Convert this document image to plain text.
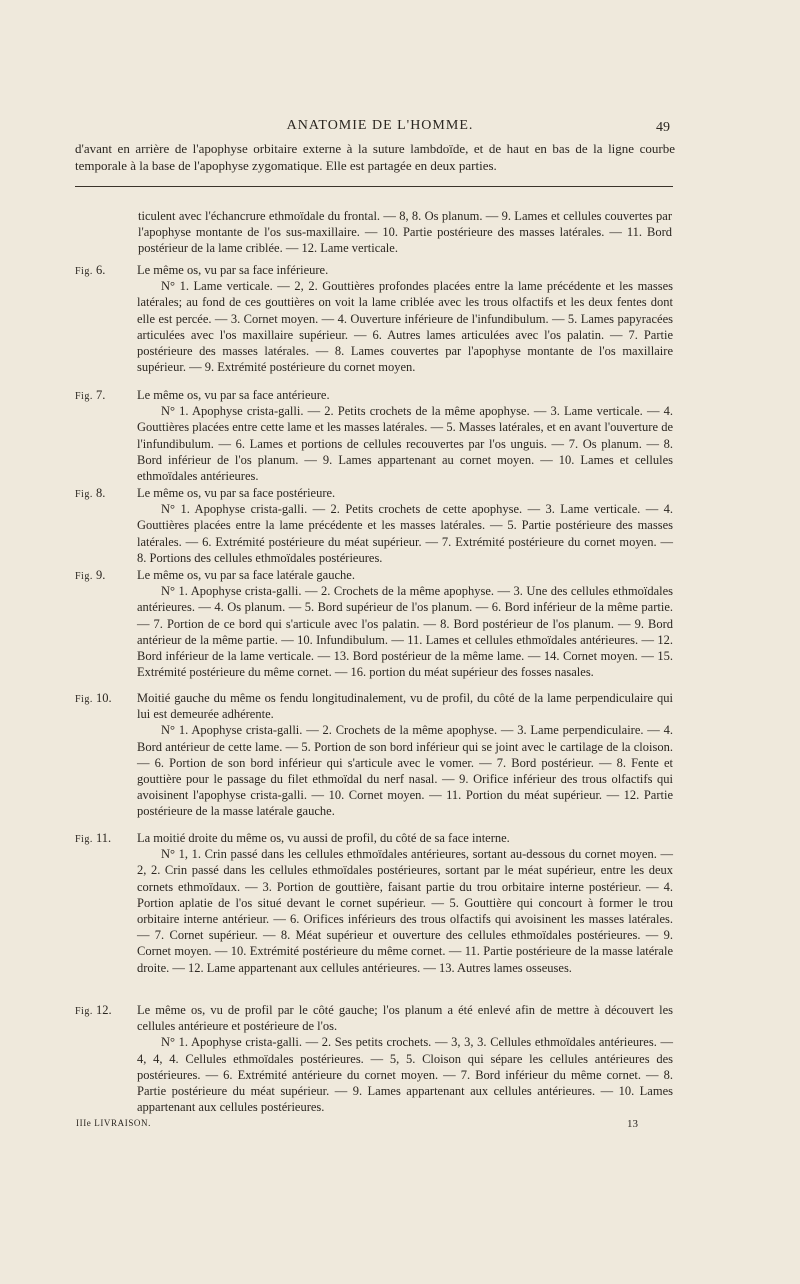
ANATOMIE DE L'HOMME.	49
d'avant en arrière de l'apophyse orbitaire externe à la suture lambdoïde, et de haut en bas de la ligne courbe temporale à la base de l'apophyse zygomatique. Elle est partagée en deux parties.
ticulent avec l'échancrure ethmoïdale du frontal. — 8, 8. Os planum. — 9. Lames et cellules couvertes par l'apophyse montante de l'os sus-maxillaire. — 10. Partie postérieure des masses latérales. — 11. Bord postérieur de la lame criblée. — 12. Lame verticale.
Fig. 6.	Le même os, vu par sa face inférieure.
N° 1. Lame verticale. — 2, 2. Gouttières profondes placées entre la lame précédente et les masses latérales; au fond de ces gouttières on voit la lame criblée avec les trous olfactifs et les deux fentes dont elle est percée. — 3. Cornet moyen. — 4. Ouverture inférieure de l'infundibulum. — 5. Lames papyracées articulées avec l'os maxillaire supérieur. — 6. Autres lames articulées avec l'os palatin. — 7. Partie postérieure des masses latérales. — 8. Lames couvertes par l'apophyse montante de l'os maxillaire supérieur. — 9. Extrémité postérieure du cornet moyen.
Fig. 7.	Le même os, vu par sa face antérieure.
N° 1. Apophyse crista-galli. — 2. Petits crochets de la même apophyse. — 3. Lame verticale. — 4. Gouttières placées entre cette lame et les masses latérales. — 5. Masses latérales, et en avant l'ouverture de l'infundibulum. — 6. Lames et portions de cellules recouvertes par l'os unguis. — 7. Os planum. — 8. Bord inférieur de l'os planum. — 9. Lames appartenant au cornet moyen. — 10. Lames et cellules ethmoïdales antérieures.
Fig. 8.	Le même os, vu par sa face postérieure.
N° 1. Apophyse crista-galli. — 2. Petits crochets de cette apophyse. — 3. Lame verticale. — 4. Gouttières placées entre la lame précédente et les masses latérales. — 5. Partie postérieure des masses latérales. — 6. Extrémité postérieure du méat supérieur. — 7. Extrémité postérieure du cornet moyen. — 8. Portions des cellules ethmoïdales postérieures.
Fig. 9.	Le même os, vu par sa face latérale gauche.
N° 1. Apophyse crista-galli. — 2. Crochets de la même apophyse. — 3. Une des cellules ethmoïdales antérieures. — 4. Os planum. — 5. Bord supérieur de l'os planum. — 6. Bord inférieur de la même partie. — 7. Portion de ce bord qui s'articule avec l'os palatin. — 8. Bord postérieur de l'os planum. — 9. Bord antérieur de la même partie. — 10. Infundibulum. — 11. Lames et cellules ethmoïdales antérieures. — 12. Bord inférieur de la lame verticale. — 13. Bord postérieur de la même lame. — 14. Cornet moyen. — 15. Extrémité postérieure du même cornet. — 16. portion du méat supérieur des fosses nasales.
Fig. 10.	Moitié gauche du même os fendu longitudinalement, vu de profil, du côté de la lame perpendiculaire qui lui est demeurée adhérente.
N° 1. Apophyse crista-galli. — 2. Crochets de la même apophyse. — 3. Lame perpendiculaire. — 4. Bord antérieur de cette lame. — 5. Portion de son bord inférieur qui se joint avec le cartilage de la cloison. — 6. Portion de son bord inférieur qui s'articule avec le vomer. — 7. Bord postérieur. — 8. Fente et gouttière pour le passage du filet ethmoïdal du nerf nasal. — 9. Orifice inférieur des trous olfactifs qui avoisinent l'apophyse crista-galli. — 10. Cornet moyen. — 11. Portion du méat supérieur. — 12. Partie postérieure de la masse latérale gauche.
Fig. 11.	La moitié droite du même os, vu aussi de profil, du côté de sa face interne.
N° 1, 1. Crin passé dans les cellules ethmoïdales antérieures, sortant au-dessous du cornet moyen. — 2, 2. Crin passé dans les cellules ethmoïdales postérieures, sortant par le méat supérieur, entre les deux cornets ethmoïdaux. — 3. Portion de gouttière, faisant partie du trou orbitaire interne postérieur. — 4. Portion aplatie de l'os situé devant le cornet supérieur. — 5. Gouttière qui concourt à former le trou orbitaire interne antérieur. — 6. Orifices inférieurs des trous olfactifs qui avoisinent les masses latérales. — 7. Cornet supérieur. — 8. Méat supérieur et ouverture des cellules ethmoïdales postérieures. — 9. Cornet moyen. — 10. Extrémité postérieure du même cornet. — 11. Partie postérieure de la masse latérale droite. — 12. Lame appartenant aux cellules antérieures. — 13. Autres lames osseuses.
Fig. 12.	Le même os, vu de profil par le côté gauche; l'os planum a été enlevé afin de mettre à découvert les cellules antérieure et postérieure de l'os.
N° 1. Apophyse crista-galli. — 2. Ses petits crochets. — 3, 3, 3. Cellules ethmoïdales antérieures. — 4, 4, 4. Cellules ethmoïdales postérieures. — 5, 5. Cloison qui sépare les cellules antérieures des postérieures. — 6. Extrémité antérieure du cornet moyen. — 7. Bord inférieur du même cornet. — 8. Partie postérieure du méat supérieur. — 9. Lames appartenant aux cellules antérieures. — 10. Lames appartenant aux cellules postérieures.
IIIe LIVRAISON.	13
